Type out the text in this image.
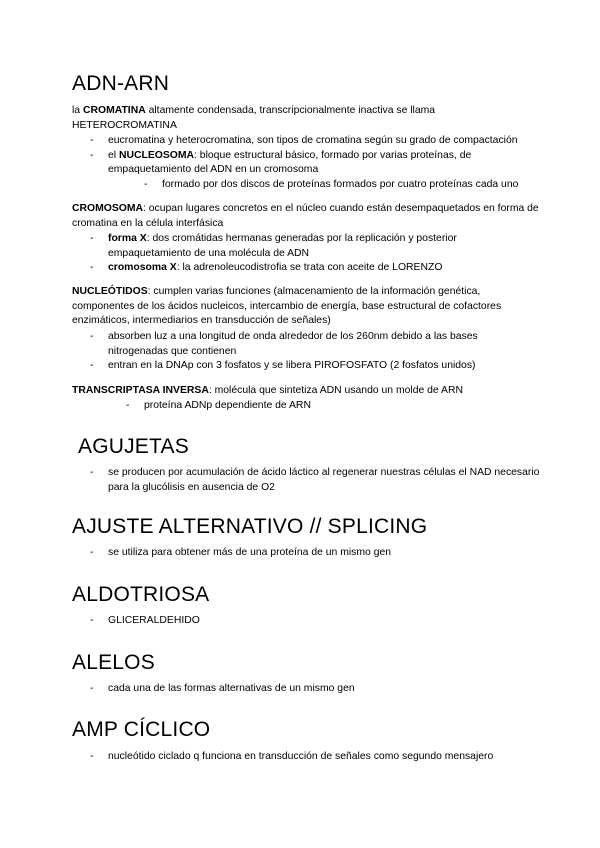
ADN-ARN

la CROMATINA altamente condensada, transcripcionalmente inactiva se llama HETEROCROMATINA

- eucromatina y heterocromatina, son tipos de cromatina según su grado de compactación
- el NUCLEOSOMA: bloque estructural básico, formado por varias proteínas, de empaquetamiento del ADN en un cromosoma
- formado por dos discos de proteínas formados por cuatro proteínas cada uno

CROMOSOMA: ocupan lugares concretos en el núcleo cuando están desempaquetados en forma de cromatina en la célula interfásica

- forma X: dos cromátidas hermanas generadas por la replicación y posterior empaquetamiento de una molécula de ADN
- cromosoma X: la adrenoleucodistrofia se trata con aceite de LORENZO

NUCLEÓTIDOS: cumplen varias funciones (almacenamiento de la información genética, componentes de los ácidos nucleicos, intercambio de energía, base estructural de cofactores enzimáticos, intermediarios en transducción de señales)

- absorben luz a una longitud de onda alrededor de los 260nm debido a las bases nitrogenadas que contienen
- entran en la DNAp con 3 fosfatos y se libera PIROFOSFATO (2 fosfatos unidos)

TRANSCRIPTASA INVERSA: molécula que sintetiza ADN usando un molde de ARN

- proteína ADNp dependiente de ARN
AGUJETAS
- se producen por acumulación de ácido láctico al regenerar nuestras células el NAD necesario para la glucólisis en ausencia de O2
AJUSTE ALTERNATIVO // SPLICING
- se utiliza para obtener más de una proteína de un mismo gen
ALDOTRIOSA
- GLICERALDEHIDO
ALELOS
- cada una de las formas alternativas de un mismo gen
AMP CÍCLICO
- nucleótido ciclado q funciona en transducción de señales como segundo mensajero
